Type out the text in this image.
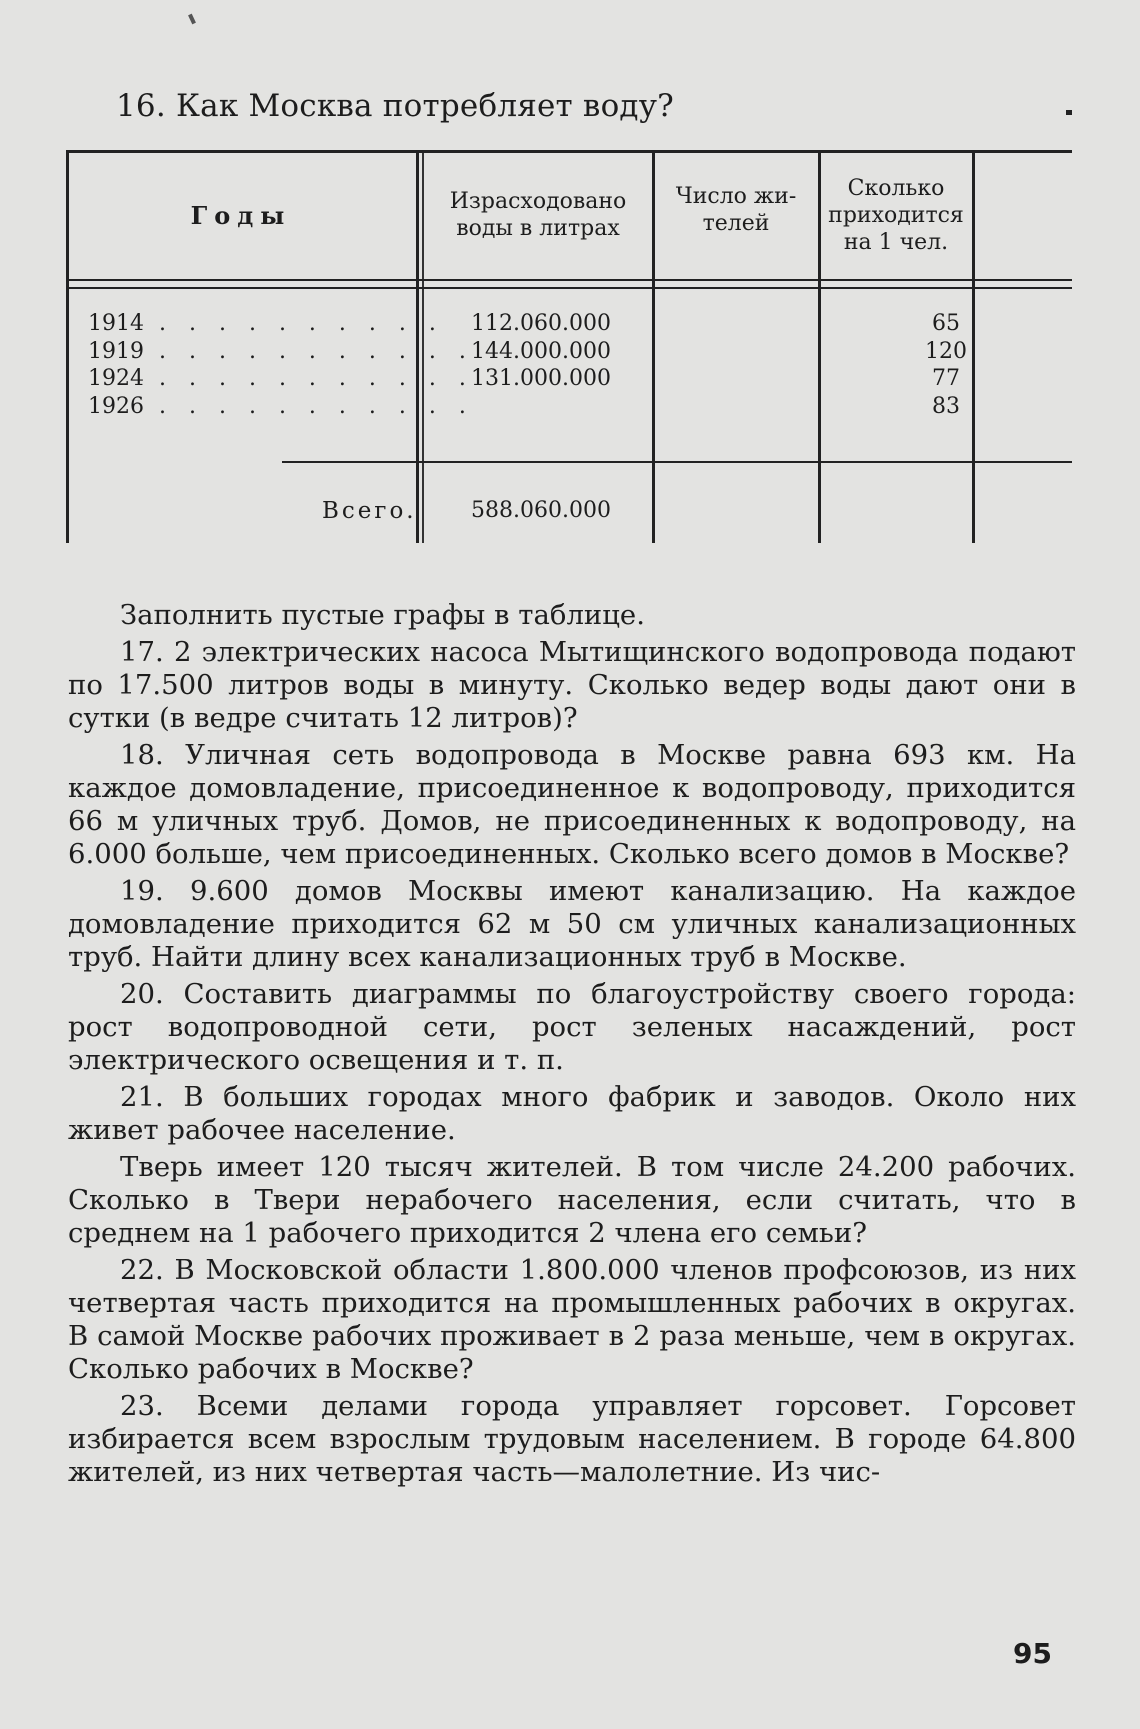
16. Как Москва потребляет воду?
Годы	Израсходовано
воды в литрах
Число жи-
телей
Сколько
приходится
на 1 чел.
1914 . . . . . . . . . .
1919 . . . . . . . . . . .
1924 . . . . . . . . . . .
1926 . . . . . . . . . . .
112.060.000
144.000.000
131.000.000

65
120
77
83
Всего.	588.060.000

Заполнить пустые графы в таблице.

17. 2 электрических насоса Мытищинского водопровода подают по 17.500 литров воды в минуту. Сколько ведер воды дают они в сутки (в ведре считать 12 литров)?

18. Уличная сеть водопровода в Москве равна 693 км. На каждое домовладение, присоединенное к водопроводу, приходится 66 м уличных труб. Домов, не присоединенных к водопроводу, на 6.000 больше, чем присоединенных. Сколько всего домов в Москве?

19. 9.600 домов Москвы имеют канализацию. На каждое домовладение приходится 62 м 50 см уличных канализационных труб. Найти длину всех канализационных труб в Москве.

20. Составить диаграммы по благоустройству своего города: рост водопроводной сети, рост зеленых насаждений, рост электрического освещения и т. п.

21. В больших городах много фабрик и заводов. Около них живет рабочее население.

Тверь имеет 120 тысяч жителей. В том числе 24.200 рабочих. Сколько в Твери нерабочего населения, если считать, что в среднем на 1 рабочего приходится 2 члена его семьи?

22. В Московской области 1.800.000 членов профсоюзов, из них четвертая часть приходится на промышленных рабочих в округах. В самой Москве рабочих проживает в 2 раза меньше, чем в округах. Сколько рабочих в Москве?

23. Всеми делами города управляет горсовет. Горсовет избирается всем взрослым трудовым населением. В городе 64.800 жителей, из них четвертая часть—малолетние. Из чис-

95
